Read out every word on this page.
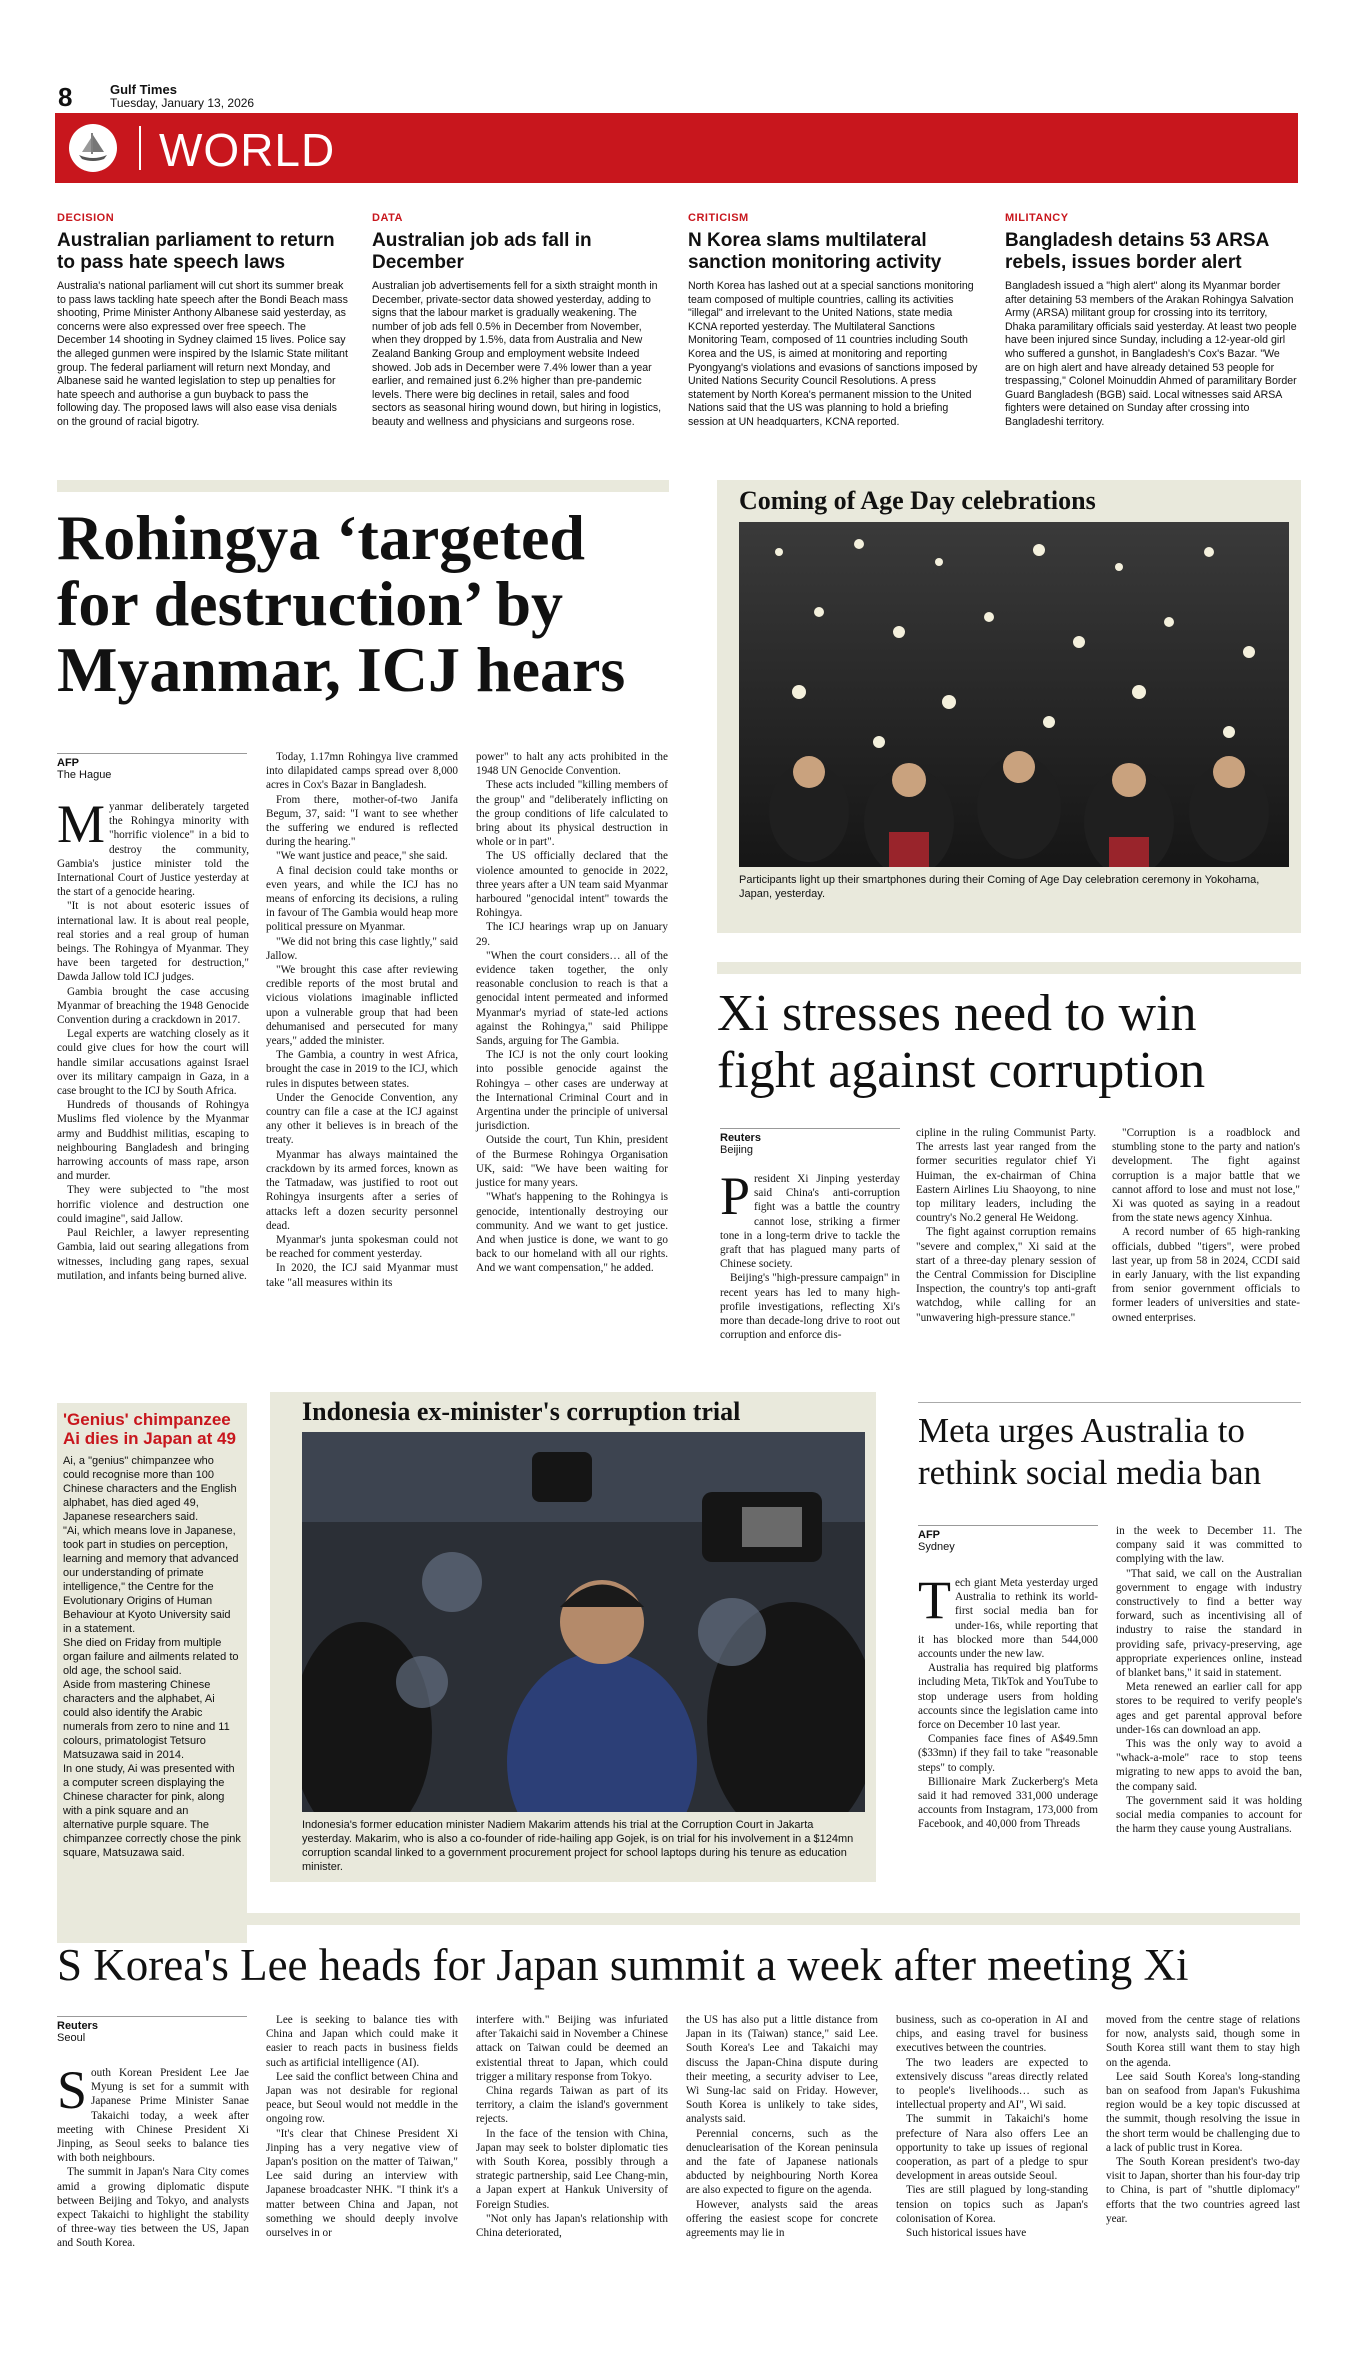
8	Gulf Times
Tuesday, January 13, 2026
WORLD
DECISION
Australian parliament to return to pass hate speech laws

Australia's national parliament will cut short its summer break to pass laws tackling hate speech after the Bondi Beach mass shooting, Prime Minister Anthony Albanese said yesterday, as concerns were also expressed over free speech. The December 14 shooting in Sydney claimed 15 lives. Police say the alleged gunmen were inspired by the Islamic State militant group. The federal parliament will return next Monday, and Albanese said he wanted legislation to step up penalties for hate speech and authorise a gun buyback to pass the following day. The proposed laws will also ease visa denials on the ground of racial bigotry.

DATA
Australian job ads fall in December

Australian job advertisements fell for a sixth straight month in December, private-sector data showed yesterday, adding to signs that the labour market is gradually weakening. The number of job ads fell 0.5% in December from November, when they dropped by 1.5%, data from Australia and New Zealand Banking Group and employment website Indeed showed. Job ads in December were 7.4% lower than a year earlier, and remained just 6.2% higher than pre-pandemic levels. There were big declines in retail, sales and food sectors as seasonal hiring wound down, but hiring in logistics, beauty and wellness and physicians and surgeons rose.

CRITICISM
N Korea slams multilateral sanction monitoring activity

North Korea has lashed out at a special sanctions monitoring team composed of multiple countries, calling its activities "illegal" and irrelevant to the United Nations, state media KCNA reported yesterday. The Multilateral Sanctions Monitoring Team, composed of 11 countries including South Korea and the US, is aimed at monitoring and reporting Pyongyang's violations and evasions of sanctions imposed by United Nations Security Council Resolutions. A press statement by North Korea's permanent mission to the United Nations said that the US was planning to hold a briefing session at UN headquarters, KCNA reported.

MILITANCY
Bangladesh detains 53 ARSA rebels, issues border alert

Bangladesh issued a "high alert" along its Myanmar border after detaining 53 members of the Arakan Rohingya Salvation Army (ARSA) militant group for crossing into its territory, Dhaka paramilitary officials said yesterday. At least two people have been injured since Sunday, including a 12-year-old girl who suffered a gunshot, in Bangladesh's Cox's Bazar. "We are on high alert and have already detained 53 people for trespassing," Colonel Moinuddin Ahmed of paramilitary Border Guard Bangladesh (BGB) said. Local witnesses said ARSA fighters were detained on Sunday after crossing into Bangladeshi territory.

Rohingya ‘targeted for destruction’ by Myanmar, ICJ hears
AFP
The Hague
M yanmar deliberately targeted the Rohingya minority with "horrific violence" in a bid to destroy the community, Gambia's justice minister told the International Court of Justice yesterday at the start of a genocide hearing.

"It is not about esoteric issues of international law. It is about real people, real stories and a real group of human beings. The Rohingya of Myanmar. They have been targeted for destruction," Dawda Jallow told ICJ judges.

Gambia brought the case accusing Myanmar of breaching the 1948 Genocide Convention during a crackdown in 2017.

Legal experts are watching closely as it could give clues for how the court will handle similar accusations against Israel over its military campaign in Gaza, in a case brought to the ICJ by South Africa.

Hundreds of thousands of Rohingya Muslims fled violence by the Myanmar army and Buddhist militias, escaping to neighbouring Bangladesh and bringing harrowing accounts of mass rape, arson and murder.

They were subjected to "the most horrific violence and destruction one could imagine", said Jallow.

Paul Reichler, a lawyer representing Gambia, laid out searing allegations from witnesses, including gang rapes, sexual mutilation, and infants being burned alive.

Today, 1.17mn Rohingya live crammed into dilapidated camps spread over 8,000 acres in Cox's Bazar in Bangladesh.

From there, mother-of-two Janifa Begum, 37, said: "I want to see whether the suffering we endured is reflected during the hearing."

"We want justice and peace," she said.

A final decision could take months or even years, and while the ICJ has no means of enforcing its decisions, a ruling in favour of The Gambia would heap more political pressure on Myanmar.

"We did not bring this case lightly," said Jallow.

"We brought this case after reviewing credible reports of the most brutal and vicious violations imaginable inflicted upon a vulnerable group that had been dehumanised and persecuted for many years," added the minister.

The Gambia, a country in west Africa, brought the case in 2019 to the ICJ, which rules in disputes between states.

Under the Genocide Convention, any country can file a case at the ICJ against any other it believes is in breach of the treaty.

Myanmar has always maintained the crackdown by its armed forces, known as the Tatmadaw, was justified to root out Rohingya insurgents after a series of attacks left a dozen security personnel dead.

Myanmar's junta spokesman could not be reached for comment yesterday.

In 2020, the ICJ said Myanmar must take "all measures within its

power" to halt any acts prohibited in the 1948 UN Genocide Convention.

These acts included "killing members of the group" and "deliberately inflicting on the group conditions of life calculated to bring about its physical destruction in whole or in part".

The US officially declared that the violence amounted to genocide in 2022, three years after a UN team said Myanmar harboured "genocidal intent" towards the Rohingya.

The ICJ hearings wrap up on January 29.

"When the court considers… all of the evidence taken together, the only reasonable conclusion to reach is that a genocidal intent permeated and informed Myanmar's myriad of state-led actions against the Rohingya," said Philippe Sands, arguing for The Gambia.

The ICJ is not the only court looking into possible genocide against the Rohingya – other cases are underway at the International Criminal Court and in Argentina under the principle of universal jurisdiction.

Outside the court, Tun Khin, president of the Burmese Rohingya Organisation UK, said: "We have been waiting for justice for many years.

"What's happening to the Rohingya is genocide, intentionally destroying our community. And we want to get justice. And when justice is done, we want to go back to our homeland with all our rights. And we want compensation," he added.

Coming of Age Day celebrations
Participants light up their smartphones during their Coming of Age Day celebration ceremony in Yokohama, Japan, yesterday.
Xi stresses need to win fight against corruption
Reuters
Beijing
P resident Xi Jinping yesterday said China's anti-corruption fight was a battle the country cannot lose, striking a firmer tone in a long-term drive to tackle the graft that has plagued many parts of Chinese society.

Beijing's "high-pressure campaign" in recent years has led to many high-profile investigations, reflecting Xi's more than decade-long drive to root out corruption and enforce dis-

cipline in the ruling Communist Party. The arrests last year ranged from the former securities regulator chief Yi Huiman, the ex-chairman of China Eastern Airlines Liu Shaoyong, to nine top military leaders, including the country's No.2 general He Weidong.

The fight against corruption remains "severe and complex," Xi said at the start of a three-day plenary session of the Central Commission for Discipline Inspection, the country's top anti-graft watchdog, while calling for an "unwavering high-pressure stance."

"Corruption is a roadblock and stumbling stone to the party and nation's development. The fight against corruption is a major battle that we cannot afford to lose and must not lose," Xi was quoted as saying in a readout from the state news agency Xinhua.

A record number of 65 high-ranking officials, dubbed "tigers", were probed last year, up from 58 in 2024, CCDI said in early January, with the list expanding from senior government officials to former leaders of universities and state-owned enterprises.

'Genius' chimpanzee Ai dies in Japan at 49
Ai, a "genius" chimpanzee who could recognise more than 100 Chinese characters and the English alphabet, has died aged 49, Japanese researchers said.
"Ai, which means love in Japanese, took part in studies on perception, learning and memory that advanced our understanding of primate intelligence," the Centre for the Evolutionary Origins of Human Behaviour at Kyoto University said in a statement.
She died on Friday from multiple organ failure and ailments related to old age, the school said.
Aside from mastering Chinese characters and the alphabet, Ai could also identify the Arabic numerals from zero to nine and 11 colours, primatologist Tetsuro Matsuzawa said in 2014.
In one study, Ai was presented with a computer screen displaying the Chinese character for pink, along with a pink square and an alternative purple square. The chimpanzee correctly chose the pink square, Matsuzawa said.
Indonesia ex-minister's corruption trial
Indonesia's former education minister Nadiem Makarim attends his trial at the Corruption Court in Jakarta yesterday. Makarim, who is also a co-founder of ride-hailing app Gojek, is on trial for his involvement in a $124mn corruption scandal linked to a government procurement project for school laptops during his tenure as education minister.
Meta urges Australia to rethink social media ban
AFP
Sydney
T ech giant Meta yesterday urged Australia to rethink its world-first social media ban for under-16s, while reporting that it has blocked more than 544,000 accounts under the new law.

Australia has required big platforms including Meta, TikTok and YouTube to stop underage users from holding accounts since the legislation came into force on December 10 last year.

Companies face fines of A$49.5mn ($33mn) if they fail to take "reasonable steps" to comply.

Billionaire Mark Zuckerberg's Meta said it had removed 331,000 underage accounts from Instagram, 173,000 from Facebook, and 40,000 from Threads

in the week to December 11. The company said it was committed to complying with the law.

"That said, we call on the Australian government to engage with industry constructively to find a better way forward, such as incentivising all of industry to raise the standard in providing safe, privacy-preserving, age appropriate experiences online, instead of blanket bans," it said in statement.

Meta renewed an earlier call for app stores to be required to verify people's ages and get parental approval before under-16s can download an app.

This was the only way to avoid a "whack-a-mole" race to stop teens migrating to new apps to avoid the ban, the company said.

The government said it was holding social media companies to account for the harm they cause young Australians.

S Korea's Lee heads for Japan summit a week after meeting Xi
Reuters
Seoul
S outh Korean President Lee Jae Myung is set for a summit with Japanese Prime Minister Sanae Takaichi today, a week after meeting with Chinese President Xi Jinping, as Seoul seeks to balance ties with both neighbours.

The summit in Japan's Nara City comes amid a growing diplomatic dispute between Beijing and Tokyo, and analysts expect Takaichi to highlight the stability of three-way ties between the US, Japan and South Korea.

Lee is seeking to balance ties with China and Japan which could make it easier to reach pacts in business fields such as artificial intelligence (AI).

Lee said the conflict between China and Japan was not desirable for regional peace, but Seoul would not meddle in the ongoing row.

"It's clear that Chinese President Xi Jinping has a very negative view of Japan's position on the matter of Taiwan," Lee said during an interview with Japanese broadcaster NHK. "I think it's a matter between China and Japan, not something we should deeply involve ourselves in or

interfere with." Beijing was infuriated after Takaichi said in November a Chinese attack on Taiwan could be deemed an existential threat to Japan, which could trigger a military response from Tokyo.

China regards Taiwan as part of its territory, a claim the island's government rejects.

In the face of the tension with China, Japan may seek to bolster diplomatic ties with South Korea, possibly through a strategic partnership, said Lee Chang-min, a Japan expert at Hankuk University of Foreign Studies.

"Not only has Japan's relationship with China deteriorated,

the US has also put a little distance from Japan in its (Taiwan) stance," said Lee. South Korea's Lee and Takaichi may discuss the Japan-China dispute during their meeting, a security adviser to Lee, Wi Sung-lac said on Friday. However, South Korea is unlikely to take sides, analysts said.

Perennial concerns, such as the denuclearisation of the Korean peninsula and the fate of Japanese nationals abducted by neighbouring North Korea are also expected to figure on the agenda.

However, analysts said the areas offering the easiest scope for concrete agreements may lie in

business, such as co-operation in AI and chips, and easing travel for business executives between the countries.

The two leaders are expected to extensively discuss "areas directly related to people's livelihoods… such as intellectual property and AI", Wi said.

The summit in Takaichi's home prefecture of Nara also offers Lee an opportunity to take up issues of regional cooperation, as part of a pledge to spur development in areas outside Seoul.

Ties are still plagued by long-standing tension on topics such as Japan's colonisation of Korea.

Such historical issues have

moved from the centre stage of relations for now, analysts said, though some in South Korea still want them to stay high on the agenda.

Lee said South Korea's long-standing ban on seafood from Japan's Fukushima region would be a key topic discussed at the summit, though resolving the issue in the short term would be challenging due to a lack of public trust in Korea.

The South Korean president's two-day visit to Japan, shorter than his four-day trip to China, is part of "shuttle diplomacy" efforts that the two countries agreed last year.
